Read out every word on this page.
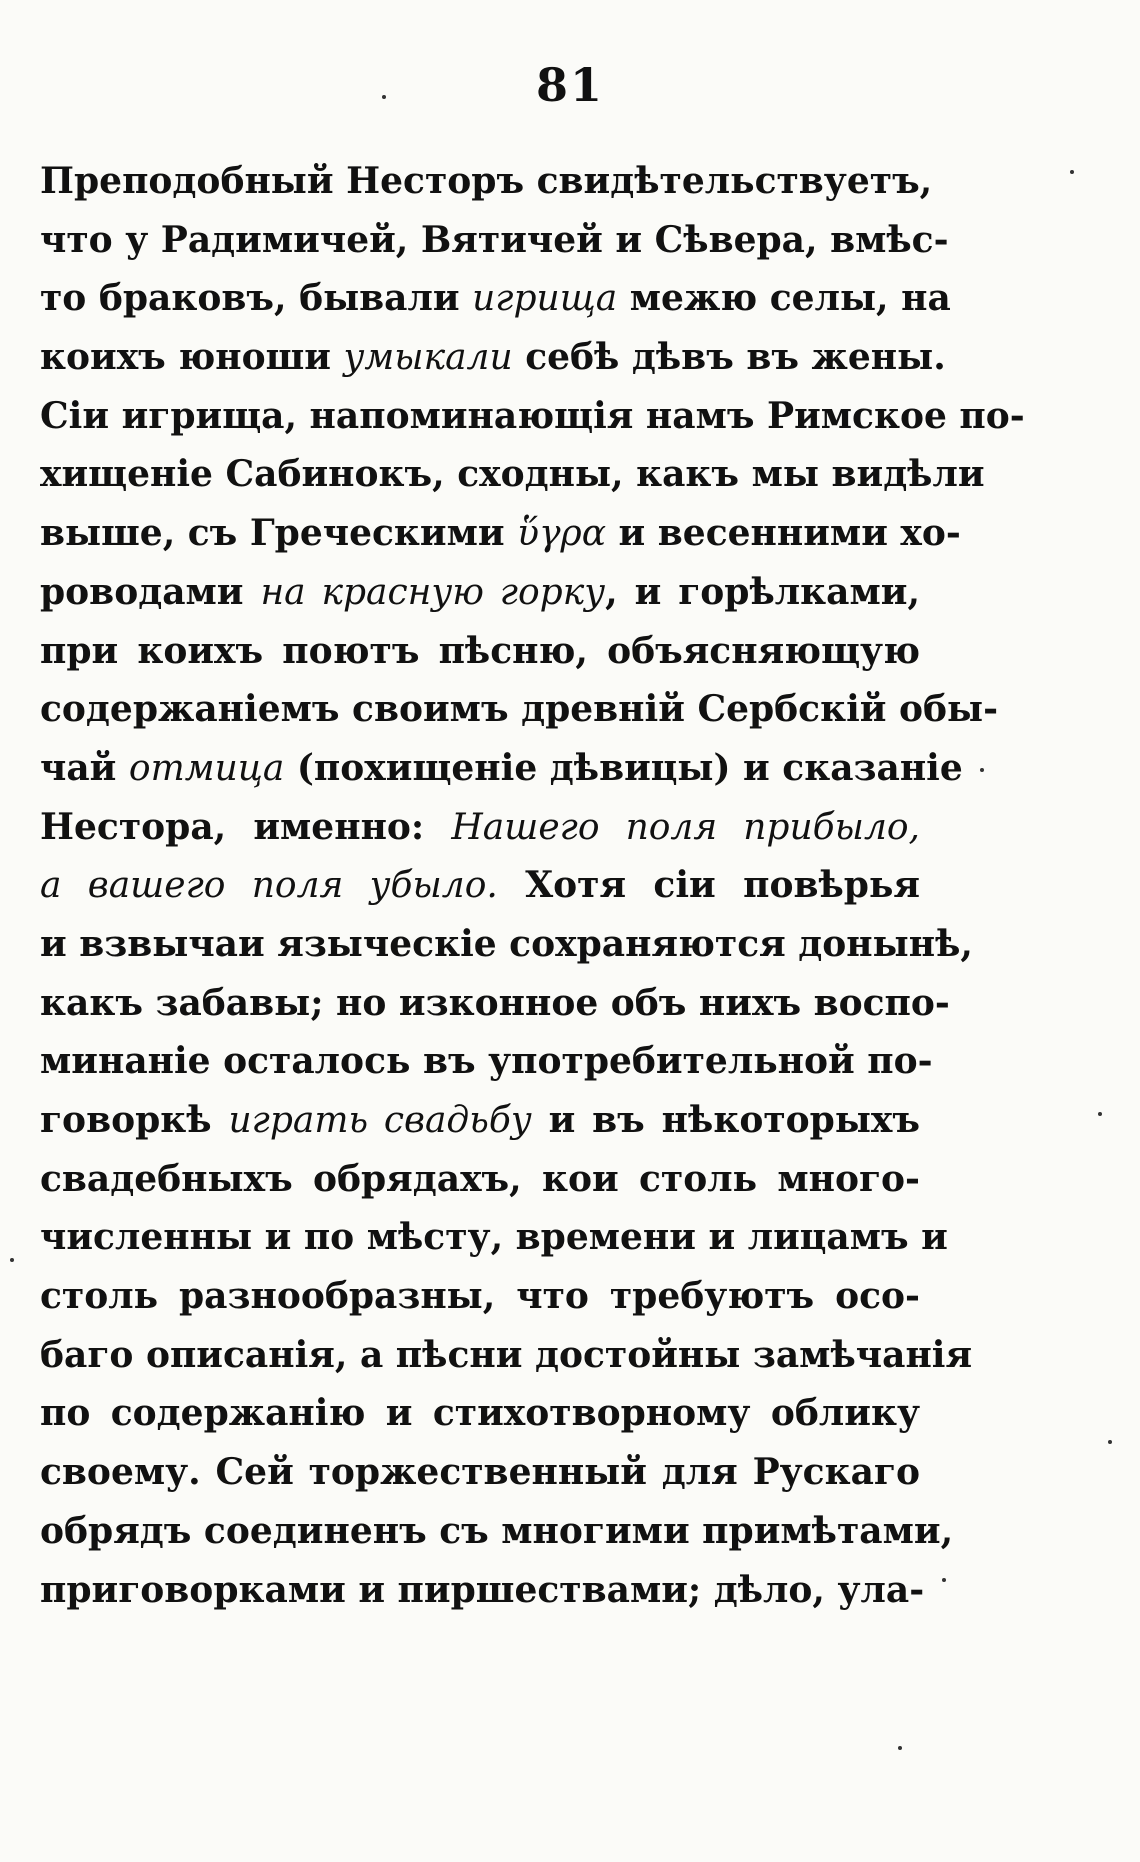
81
Преподобный Несторъ свидѣтельствуетъ,
что у Радимичей, Вятичей и Сѣвера, вмѣс-
то браковъ, бывали игрища межю селы, на
коихъ юноши умыкали себѣ дѣвъ въ жены.
Сіи игрища, напоминающія намъ Римское по-
хищеніе Сабинокъ, сходны, какъ мы видѣли
выше, съ Греческими ὕγρα и весенними хо-
роводами на красную горку, и горѣлками,
при коихъ поютъ пѣсню, объясняющую
содержаніемъ своимъ древній Сербскій обы-
чай отмица (похищеніе дѣвицы) и сказаніе
Нестора, именно: Нашего поля прибыло,
а вашего поля убыло. Хотя сіи повѣрья
и взвычаи языческіе сохраняются донынѣ,
какъ забавы; но изконное объ нихъ воспо-
минаніе осталось въ употребительной по-
говоркѣ играть свадьбу и въ нѣкоторыхъ
свадебныхъ обрядахъ, кои столь много-
численны и по мѣсту, времени и лицамъ и
столь разнообразны, что требуютъ осо-
баго описанія, а пѣсни достойны замѣчанія
по содержанію и стихотворному облику
своему. Сей торжественный для Рускаго
обрядъ соединенъ съ многими примѣтами,
приговорками и пиршествами; дѣло, ула-
